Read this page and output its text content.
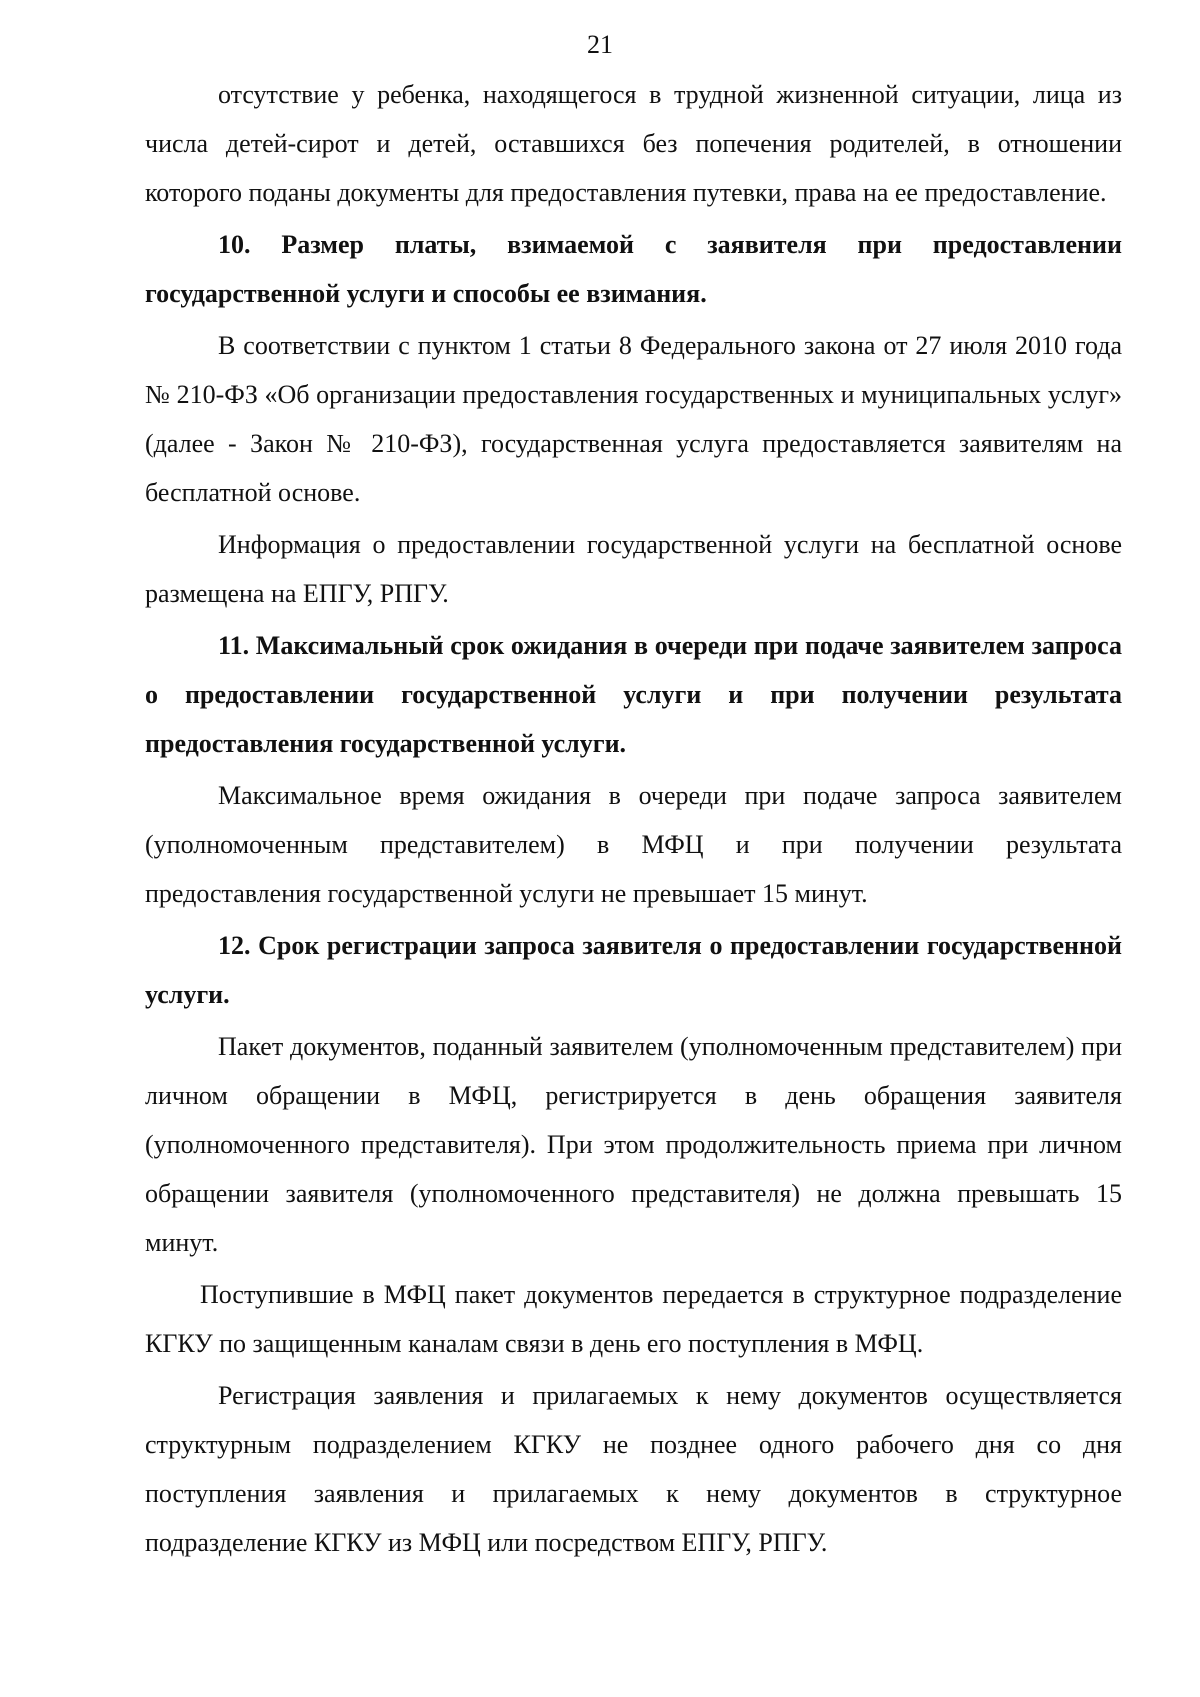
21

отсутствие у ребенка, находящегося в трудной жизненной ситуации, лица из числа детей-сирот и детей, оставшихся без попечения родителей, в отношении которого поданы документы для предоставления путевки, права на ее предоставление.

10. Размер платы, взимаемой с заявителя при предоставлении государственной услуги и способы ее взимания.

В соответствии с пунктом 1 статьи 8 Федерального закона от 27 июля 2010 года № 210-ФЗ «Об организации предоставления государственных и муниципальных услуг» (далее - Закон № 210-ФЗ), государственная услуга предоставляется заявителям на бесплатной основе.

Информация о предоставлении государственной услуги на бесплатной основе размещена на ЕПГУ, РПГУ.

11. Максимальный срок ожидания в очереди при подаче заявителем запроса о предоставлении государственной услуги и при получении результата предоставления государственной услуги.

Максимальное время ожидания в очереди при подаче запроса заявителем (уполномоченным представителем) в МФЦ и при получении результата предоставления государственной услуги не превышает 15 минут.

12. Срок регистрации запроса заявителя о предоставлении государственной услуги.

Пакет документов, поданный заявителем (уполномоченным представителем) при личном обращении в МФЦ, регистрируется в день обращения заявителя (уполномоченного представителя). При этом продолжительность приема при личном обращении заявителя (уполномоченного представителя) не должна превышать 15 минут.

Поступившие в МФЦ пакет документов передается в структурное подразделение КГКУ по защищенным каналам связи в день его поступления в МФЦ.

Регистрация заявления и прилагаемых к нему документов осуществляется структурным подразделением КГКУ не позднее одного рабочего дня со дня поступления заявления и прилагаемых к нему документов в структурное подразделение КГКУ из МФЦ или посредством ЕПГУ, РПГУ.
